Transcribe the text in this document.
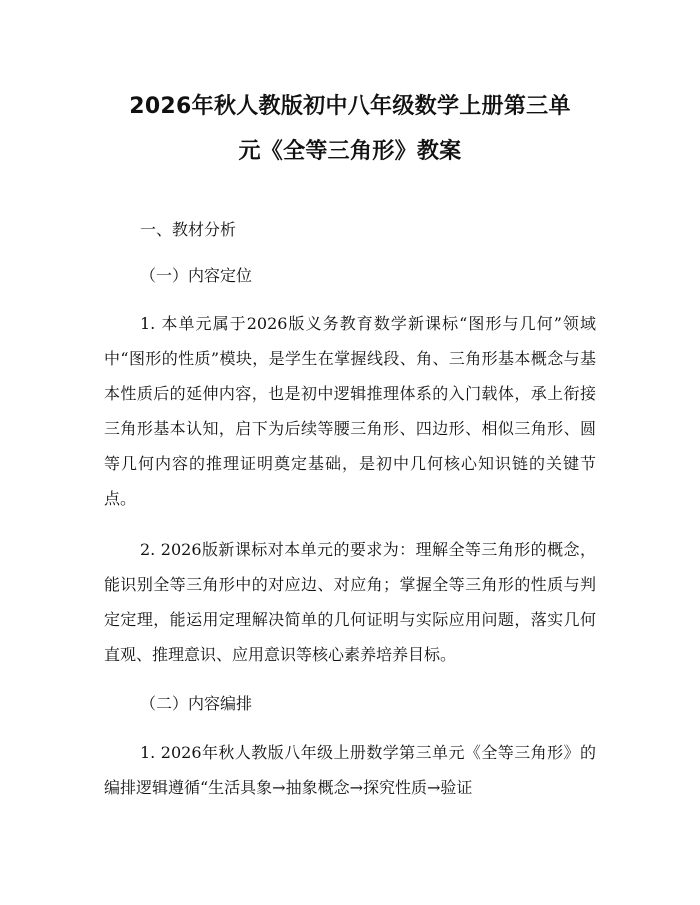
2026年秋人教版初中八年级数学上册第三单
元《全等三角形》教案
一、教材分析
（一）内容定位

1. 本单元属于2026版义务教育数学新课标“图形与几何”领域中“图形的性质”模块，是学生在掌握线段、角、三角形基本概念与基本性质后的延伸内容，也是初中逻辑推理体系的入门载体，承上衔接三角形基本认知，启下为后续等腰三角形、四边形、相似三角形、圆等几何内容的推理证明奠定基础，是初中几何核心知识链的关键节点。

2. 2026版新课标对本单元的要求为：理解全等三角形的概念，能识别全等三角形中的对应边、对应角；掌握全等三角形的性质与判定定理，能运用定理解决简单的几何证明与实际应用问题，落实几何直观、推理意识、应用意识等核心素养培养目标。

（二）内容编排

1. 2026年秋人教版八年级上册数学第三单元《全等三角形》的编排逻辑遵循“生活具象→抽象概念→探究性质→验证
